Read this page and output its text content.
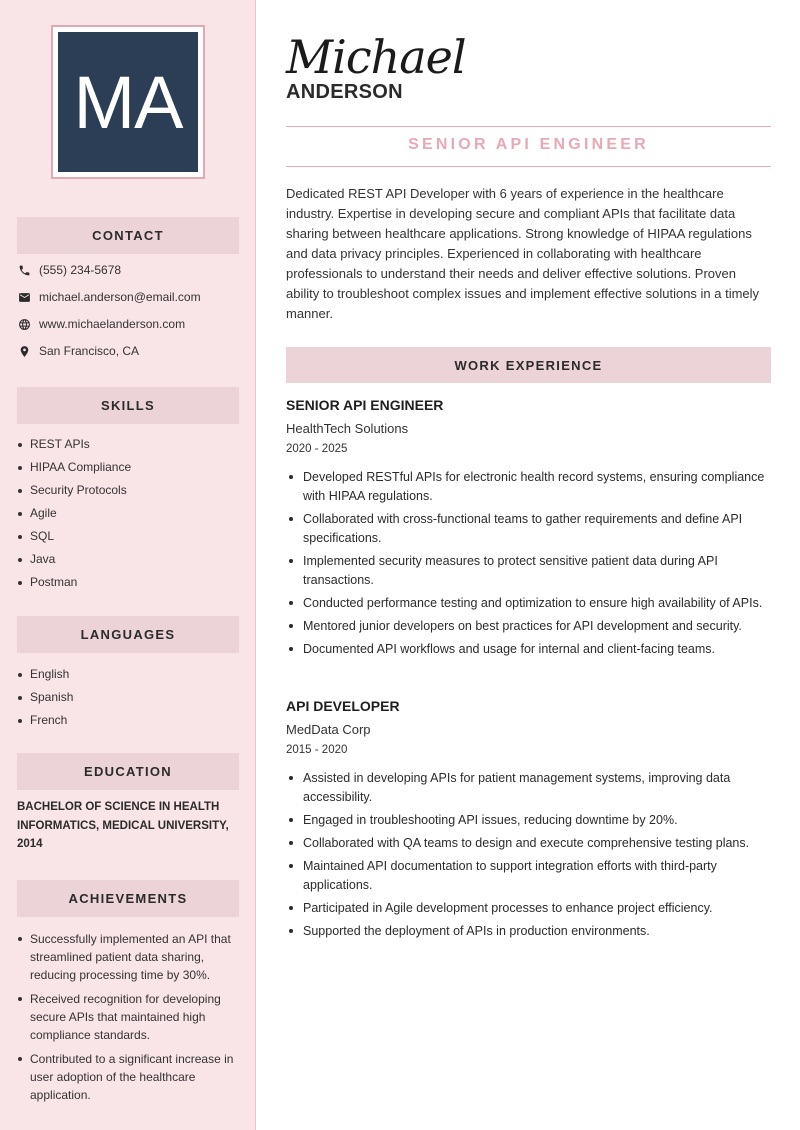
MA
CONTACT
(555) 234-5678
michael.anderson@email.com
www.michaelanderson.com
San Francisco, CA
SKILLS
REST APIs
HIPAA Compliance
Security Protocols
Agile
SQL
Java
Postman
LANGUAGES
English
Spanish
French
EDUCATION
BACHELOR OF SCIENCE IN HEALTH INFORMATICS, MEDICAL UNIVERSITY, 2014
ACHIEVEMENTS
Successfully implemented an API that streamlined patient data sharing, reducing processing time by 30%.
Received recognition for developing secure APIs that maintained high compliance standards.
Contributed to a significant increase in user adoption of the healthcare application.
Michael
ANDERSON
SENIOR API ENGINEER

Dedicated REST API Developer with 6 years of experience in the healthcare industry. Expertise in developing secure and compliant APIs that facilitate data sharing between healthcare applications. Strong knowledge of HIPAA regulations and data privacy principles. Experienced in collaborating with healthcare professionals to understand their needs and deliver effective solutions. Proven ability to troubleshoot complex issues and implement effective solutions in a timely manner.

WORK EXPERIENCE
SENIOR API ENGINEER
HealthTech Solutions
2020 - 2025
Developed RESTful APIs for electronic health record systems, ensuring compliance with HIPAA regulations.
Collaborated with cross-functional teams to gather requirements and define API specifications.
Implemented security measures to protect sensitive patient data during API transactions.
Conducted performance testing and optimization to ensure high availability of APIs.
Mentored junior developers on best practices for API development and security.
Documented API workflows and usage for internal and client-facing teams.
API DEVELOPER
MedData Corp
2015 - 2020
Assisted in developing APIs for patient management systems, improving data accessibility.
Engaged in troubleshooting API issues, reducing downtime by 20%.
Collaborated with QA teams to design and execute comprehensive testing plans.
Maintained API documentation to support integration efforts with third-party applications.
Participated in Agile development processes to enhance project efficiency.
Supported the deployment of APIs in production environments.
